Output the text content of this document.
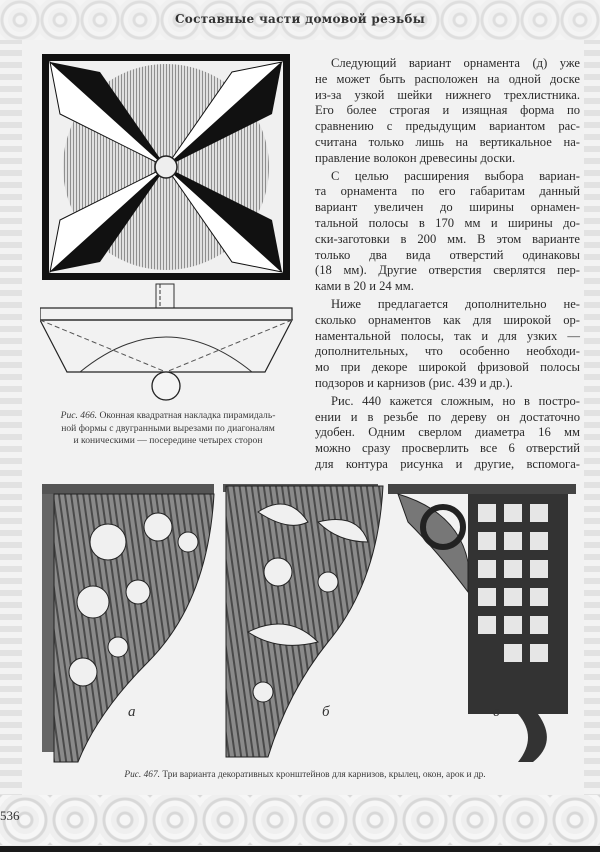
Составные части домовой резьбы
Рис. 466. Оконная квадратная накладка пирамидаль-
ной формы с двугранными вырезами по диагоналям
и коническими — посередине четырех сторон
Следующий вариант орнамента (д) уже
не может быть расположен на одной доске
из-за узкой шейки нижнего трехлистника.
Его более строгая и изящная форма по
сравнению с предыдущим вариантом рас-
считана только лишь на вертикальное на-
правление волокон древесины доски.
С целью расширения выбора вариан-
та орнамента по его габаритам данный
вариант увеличен до ширины орнамен-
тальной полосы в 170 мм и ширины до-
ски-заготовки в 200 мм. В этом варианте
только два вида отверстий одинаковы
(18 мм). Другие отверстия сверлятся пер-
ками в 20 и 24 мм.
Ниже предлагается дополнительно не-
сколько орнаментов как для широкой ор-
наментальной полосы, так и для узких —
дополнительных, что особенно необходи-
мо при декоре широкой фризовой полосы
подзоров и карнизов (рис. 439 и др.).
Рис. 440 кажется сложным, но в постро-
ении и в резьбе по дереву он достаточно
удобен. Одним сверлом диаметра 16 мм
можно сразу просверлить все 6 отверстий
для контура рисунка и другие, вспомога-
а	б	в
Рис. 467. Три варианта декоративных кронштейнов для карнизов, крылец, окон, арок и др.
536
